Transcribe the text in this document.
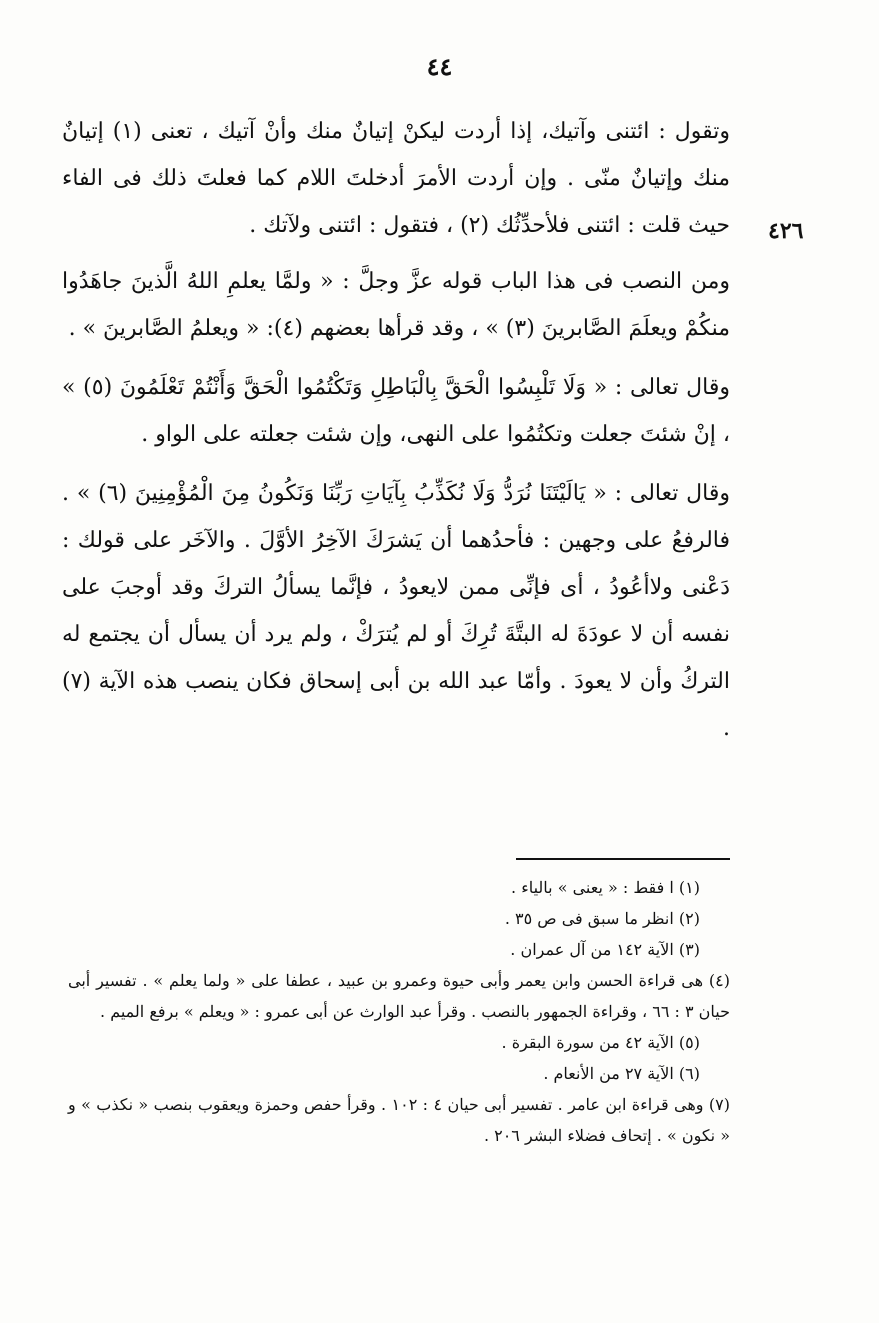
٤٤
٤٢٦

وتقول : ائتنى وآتيك، إذا أردت ليكنْ إتيانٌ منك وأنْ آتيك ، تعنى (١) إتيانٌ منك وإتيانٌ منّى . وإن أردت الأمرَ أدخلتَ اللام كما فعلتَ ذلك فى الفاء حيث قلت : ائتنى فلأحدِّثُك (٢) ، فتقول : ائتنى ولآتك .

ومن النصب فى هذا الباب قوله عزَّ وجلَّ : « ولمَّا يعلمِ اللهُ الَّذينَ جاهَدُوا منكُمْ ويعلَمَ الصَّابرينَ (٣) » ، وقد قرأها بعضهم (٤): « ويعلمُ الصَّابرينَ » .

وقال تعالى : « وَلَا تَلْبِسُوا الْحَقَّ بِالْبَاطِلِ وَتَكْتُمُوا الْحَقَّ وَأَنْتُمْ تَعْلَمُونَ (٥) » ، إنْ شئتَ جعلت وتكتُمُوا على النهى، وإن شئت جعلته على الواو .

وقال تعالى : « يَالَيْتَنَا نُرَدُّ وَلَا نُكَذِّبُ بِآيَاتِ رَبِّنَا وَنَكُونُ مِنَ الْمُؤْمِنِينَ (٦) » . فالرفعُ على وجهين : فأحدُهما أن يَشرَكَ الآخِرُ الأوَّلَ . والآخَر على قولك : دَعْنى ولاأعُودُ ، أى فإنِّى ممن لايعودُ ، فإنَّما يسألُ التركَ وقد أوجبَ على نفسه أن لا عودَةَ له البتَّةَ تُرِكَ أو لم يُترَكْ ، ولم يرد أن يسأل أن يجتمع له التركُ وأن لا يعودَ . وأمّا عبد الله بن أبى إسحاق فكان ينصب هذه الآية (٧) .

(١) ا فقط : « يعنى » بالياء .

(٢) انظر ما سبق فى ص ٣٥ .

(٣) الآية ١٤٢ من آل عمران .

(٤) هى قراءة الحسن وابن يعمر وأبى حيوة وعمرو بن عبيد ، عطفا على « ولما يعلم » . تفسير أبى حيان ٣ : ٦٦ ، وقراءة الجمهور بالنصب . وقرأ عبد الوارث عن أبى عمرو : « ويعلم » برفع الميم .

(٥) الآية ٤٢ من سورة البقرة .

(٦) الآية ٢٧ من الأنعام .

(٧) وهى قراءة ابن عامر . تفسير أبى حيان ٤ : ١٠٢ . وقرأ حفص وحمزة ويعقوب بنصب « نكذب » و « نكون » . إتحاف فضلاء البشر ٢٠٦ .
